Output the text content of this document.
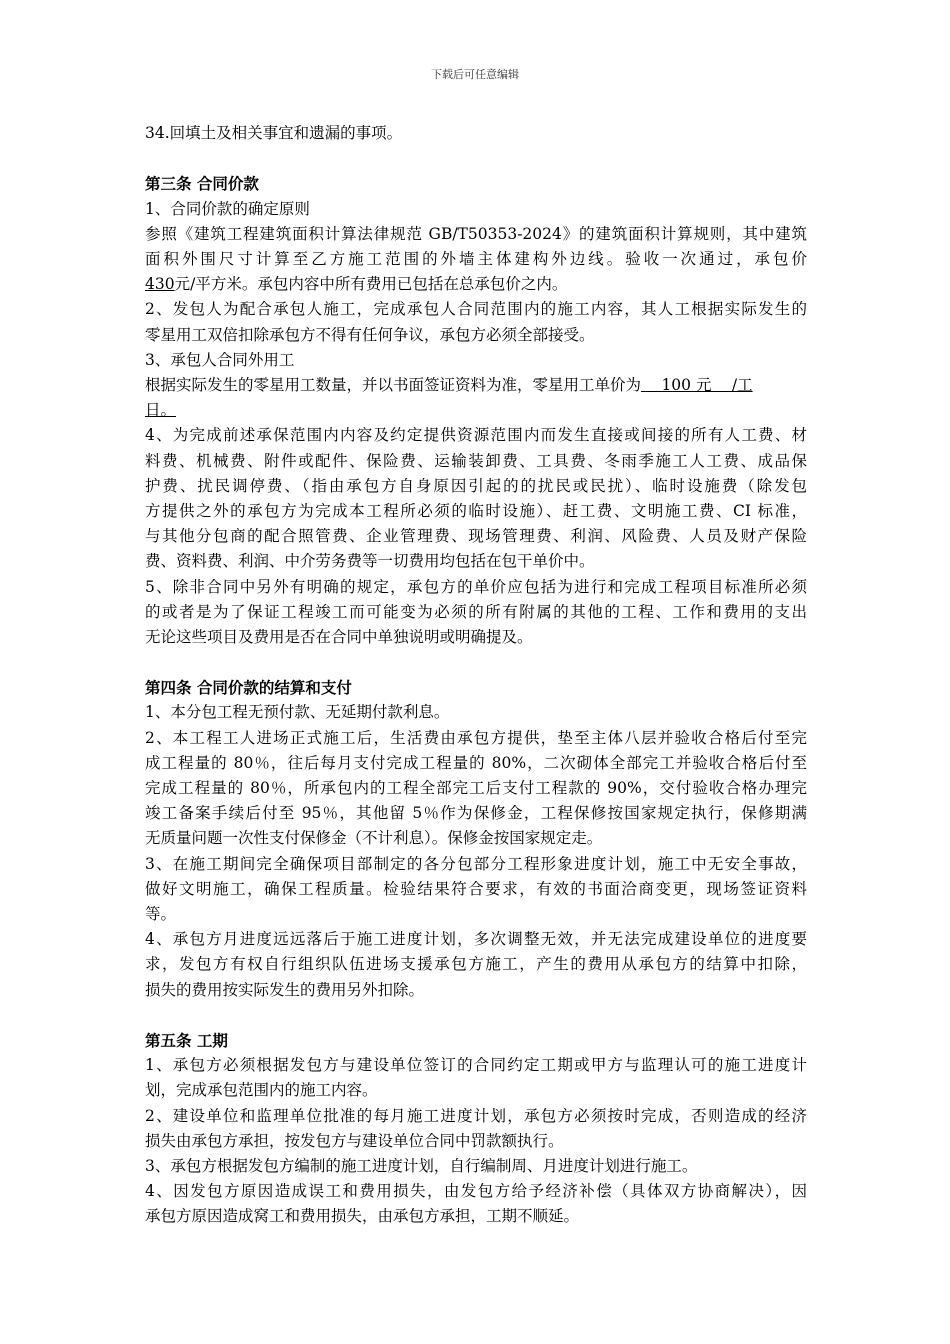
下载后可任意编辑
34.回填土及相关事宜和遗漏的事项。
第三条 合同价款
1、合同价款的确定原则
参照《建筑工程建筑面积计算法律规范 GB/T50353-2024》的建筑面积计算规则，其中建筑
面积外围尺寸计算至乙方施工范围的外墙主体建构外边线。验收一次通过，承包价
430元/平方米。承包内容中所有费用已包括在总承包价之内。
2、发包人为配合承包人施工，完成承包人合同范围内的施工内容，其人工根据实际发生的
零星用工双倍扣除承包方不得有任何争议，承包方必须全部接受。
3、承包人合同外用工
根据实际发生的零星用工数量，并以书面签证资料为准，零星用工单价为　 100 元　 /工
日。
4、为完成前述承保范围内内容及约定提供资源范围内而发生直接或间接的所有人工费、材
料费、机械费、附件或配件、保险费、运输装卸费、工具费、冬雨季施工人工费、成品保
护费、扰民调停费、（指由承包方自身原因引起的的扰民或民扰）、临时设施费（除发包
方提供之外的承包方为完成本工程所必须的临时设施）、赶工费、文明施工费、CI 标准，
与其他分包商的配合照管费、企业管理费、现场管理费、利润、风险费、人员及财产保险
费、资料费、利润、中介劳务费等一切费用均包括在包干单价中。
5、除非合同中另外有明确的规定，承包方的单价应包括为进行和完成工程项目标准所必须
的或者是为了保证工程竣工而可能变为必须的所有附属的其他的工程、工作和费用的支出
无论这些项目及费用是否在合同中单独说明或明确提及。
第四条 合同价款的结算和支付
1、本分包工程无预付款、无延期付款利息。
2、本工程工人进场正式施工后，生活费由承包方提供，垫至主体八层并验收合格后付至完
成工程量的 80％，往后每月支付完成工程量的 80%，二次砌体全部完工并验收合格后付至
完成工程量的 80％，所承包内的工程全部完工后支付工程款的 90%，交付验收合格办理完
竣工备案手续后付至 95％，其他留 5％作为保修金，工程保修按国家规定执行，保修期满
无质量问题一次性支付保修金（不计利息）。保修金按国家规定走。
3、在施工期间完全确保项目部制定的各分包部分工程形象进度计划，施工中无安全事故，
做好文明施工，确保工程质量。检验结果符合要求，有效的书面洽商变更，现场签证资料
等。
4、承包方月进度远远落后于施工进度计划，多次调整无效，并无法完成建设单位的进度要
求，发包方有权自行组织队伍进场支援承包方施工，产生的费用从承包方的结算中扣除，
损失的费用按实际发生的费用另外扣除。
第五条 工期
1、承包方必须根据发包方与建设单位签订的合同约定工期或甲方与监理认可的施工进度计
划，完成承包范围内的施工内容。
2、建设单位和监理单位批准的每月施工进度计划，承包方必须按时完成，否则造成的经济
损失由承包方承担，按发包方与建设单位合同中罚款额执行。
3、承包方根据发包方编制的施工进度计划，自行编制周、月进度计划进行施工。
4、因发包方原因造成误工和费用损失，由发包方给予经济补偿（具体双方协商解决），因
承包方原因造成窝工和费用损失，由承包方承担，工期不顺延。
